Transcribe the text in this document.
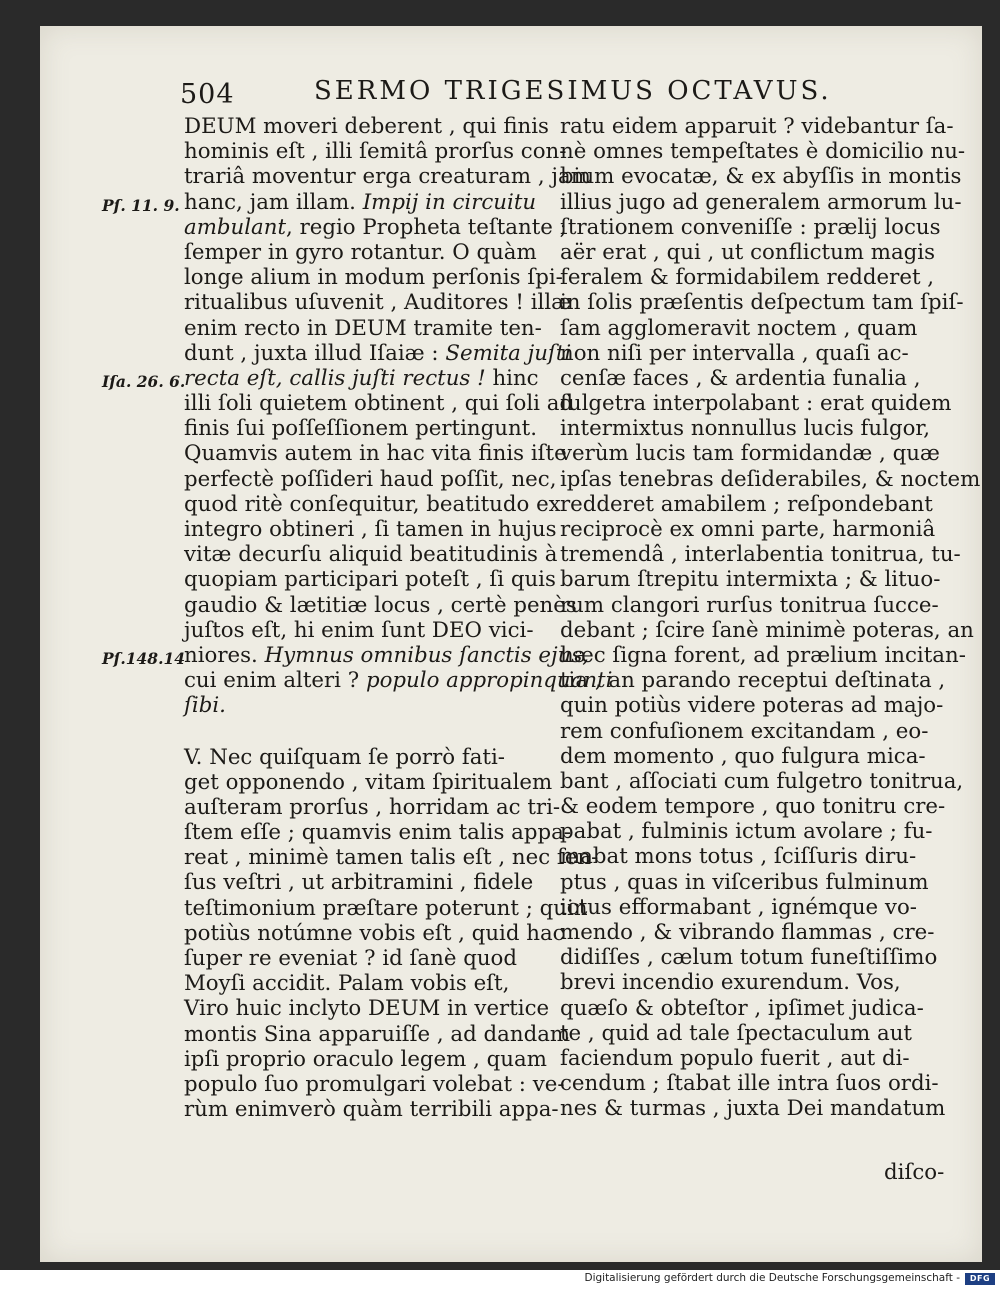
504	SERMO TRIGESIMUS OCTAVUS.
DEUM moveri deberent , qui finis
hominis eſt , illi ſemitâ prorſus con-
trariâ moventur erga creaturam , jam
hanc, jam illam. Impij in circuitu
ambulant, regio Propheta teſtante ;
ſemper in gyro rotantur. O quàm
longe alium in modum perſonis ſpi-
ritualibus uſuvenit , Auditores ! illæ
enim recto in DEUM tramite ten-
dunt , juxta illud Iſaiæ : Semita juſti
recta eſt, callis juſti rectus ! hinc
illi ſoli quietem obtinent , qui ſoli ad
finis ſui poſſeſſionem pertingunt.
Quamvis autem in hac vita finis iſte
perfectè poſſideri haud poſſit, nec,
quod ritè conſequitur, beatitudo ex
integro obtineri , ſi tamen in hujus
vitæ decurſu aliquid beatitudinis à
quopiam participari poteſt , ſi quis
gaudio & lætitiæ locus , certè penès
juſtos eſt, hi enim ſunt DEO vici-
niores. Hymnus omnibus ſanctis ejus,
cui enim alteri ? populo appropinquanti
ſibi.
V. Nec quiſquam ſe porrò fati-
get opponendo , vitam ſpiritualem
auſteram prorſus , horridam ac tri-
ſtem eſſe ; quamvis enim talis appa-
reat , minimè tamen talis eſt , nec ſen-
ſus veſtri , ut arbitramini , fidele
teſtimonium præſtare poterunt ; quin
potiùs notúmne vobis eſt , quid hac
ſuper re eveniat ? id ſanè quod
Moyſi accidit. Palam vobis eſt,
Viro huic inclyto DEUM in vertice
montis Sina apparuiſſe , ad dandam
ipſi proprio oraculo legem , quam
populo ſuo promulgari volebat : ve-
rùm enimverò quàm terribili appa-
ratu eidem apparuit ? videbantur ſa-
nè omnes tempeſtates è domicilio nu-
bium evocatæ, & ex abyſſis in montis
illius jugo ad generalem armorum lu-
ſtrationem conveniſſe : prælij locus
aër erat , qui , ut conflictum magis
feralem & formidabilem redderet ,
in ſolis præſentis deſpectum tam ſpiſ-
ſam agglomeravit noctem , quam
non niſi per intervalla , quaſi ac-
cenſæ faces , & ardentia funalia ,
fulgetra interpolabant : erat quidem
intermixtus nonnullus lucis fulgor,
verùm lucis tam formidandæ , quæ
ipſas tenebras deſiderabiles, & noctem
redderet amabilem ; reſpondebant
reciprocè ex omni parte, harmoniâ
tremendâ , interlabentia tonitrua, tu-
barum ſtrepitu intermixta ; & lituo-
rum clangori rurſus tonitrua ſucce-
debant ; ſcire ſanè minimè poteras, an
hæc ſigna forent, ad prælium incitan-
tia , an parando receptui deſtinata ,
quin potiùs videre poteras ad majo-
rem confuſionem excitandam , eo-
dem momento , quo fulgura mica-
bant , aſſociati cum fulgetro tonitrua,
& eodem tempore , quo tonitru cre-
pabat , fulminis ictum avolare ; fu-
mabat mons totus , ſciſſuris diru-
ptus , quas in viſceribus fulminum
ictus efformabant , ignémque vo-
mendo , & vibrando flammas , cre-
didiſſes , cælum totum funeſtiſſimo
brevi incendio exurendum. Vos,
quæſo & obteſtor , ipſimet judica-
te , quid ad tale ſpectaculum aut
faciendum populo fuerit , aut di-
cendum ; ſtabat ille intra ſuos ordi-
nes & turmas , juxta Dei mandatum
Pſ. 11. 9.
Iſa. 26. 6.
Pſ.148.14
diſco-
Digitalisierung gefördert durch die Deutsche Forschungsgemeinschaft -	DFG
